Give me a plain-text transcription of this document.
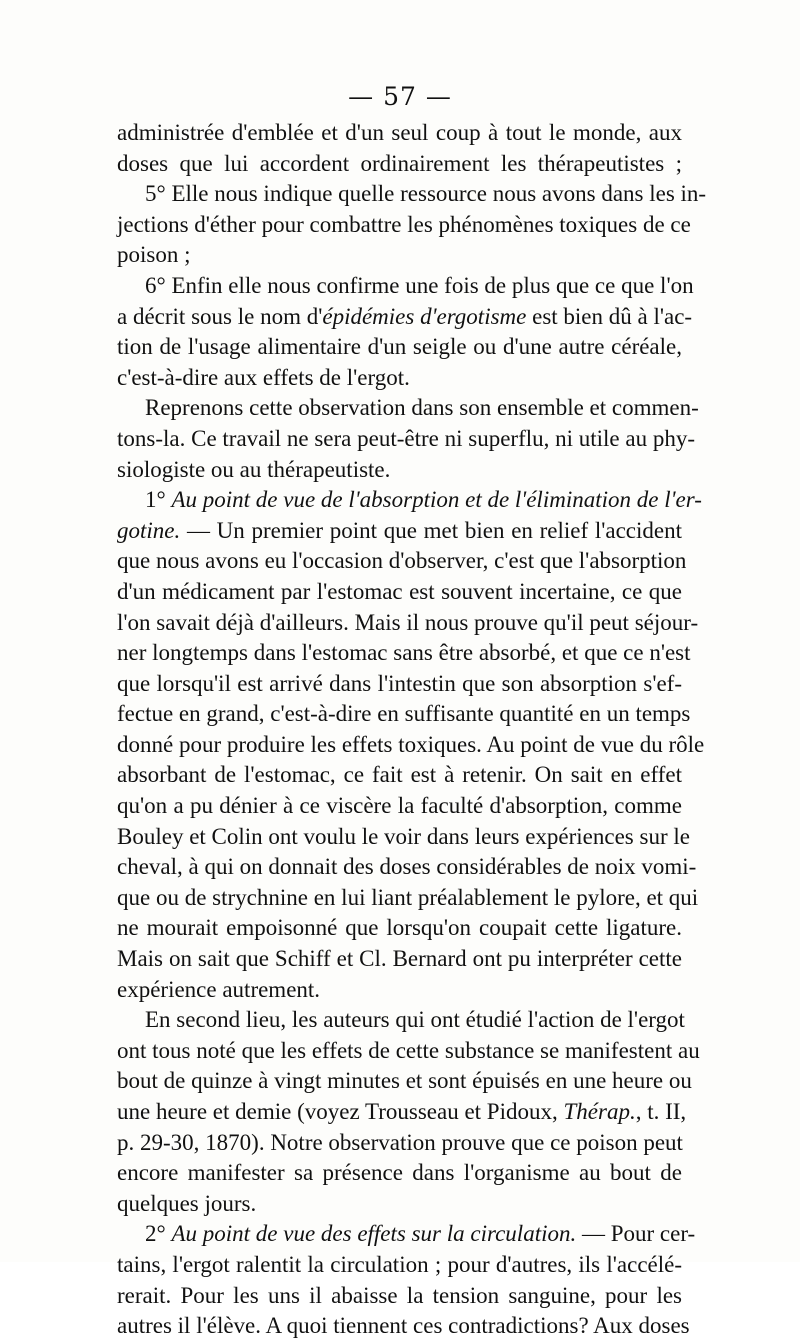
— 57 —
administrée d'emblée et d'un seul coup à tout le monde, aux
doses que lui accordent ordinairement les thérapeutistes ;
5° Elle nous indique quelle ressource nous avons dans les in-
jections d'éther pour combattre les phénomènes toxiques de ce
poison ;
6° Enfin elle nous confirme une fois de plus que ce que l'on
a décrit sous le nom d'épidémies d'ergotisme est bien dû à l'ac-
tion de l'usage alimentaire d'un seigle ou d'une autre céréale,
c'est-à-dire aux effets de l'ergot.
Reprenons cette observation dans son ensemble et commen-
tons-la. Ce travail ne sera peut-être ni superflu, ni utile au phy-
siologiste ou au thérapeutiste.
1° Au point de vue de l'absorption et de l'élimination de l'er-
gotine. — Un premier point que met bien en relief l'accident
que nous avons eu l'occasion d'observer, c'est que l'absorption
d'un médicament par l'estomac est souvent incertaine, ce que
l'on savait déjà d'ailleurs. Mais il nous prouve qu'il peut séjour-
ner longtemps dans l'estomac sans être absorbé, et que ce n'est
que lorsqu'il est arrivé dans l'intestin que son absorption s'ef-
fectue en grand, c'est-à-dire en suffisante quantité en un temps
donné pour produire les effets toxiques. Au point de vue du rôle
absorbant de l'estomac, ce fait est à retenir. On sait en effet
qu'on a pu dénier à ce viscère la faculté d'absorption, comme
Bouley et Colin ont voulu le voir dans leurs expériences sur le
cheval, à qui on donnait des doses considérables de noix vomi-
que ou de strychnine en lui liant préalablement le pylore, et qui
ne mourait empoisonné que lorsqu'on coupait cette ligature.
Mais on sait que Schiff et Cl. Bernard ont pu interpréter cette
expérience autrement.
En second lieu, les auteurs qui ont étudié l'action de l'ergot
ont tous noté que les effets de cette substance se manifestent au
bout de quinze à vingt minutes et sont épuisés en une heure ou
une heure et demie (voyez Trousseau et Pidoux, Thérap., t. II,
p. 29-30, 1870). Notre observation prouve que ce poison peut
encore manifester sa présence dans l'organisme au bout de
quelques jours.
2° Au point de vue des effets sur la circulation. — Pour cer-
tains, l'ergot ralentit la circulation ; pour d'autres, ils l'accélé-
rerait. Pour les uns il abaisse la tension sanguine, pour les
autres il l'élève. A quoi tiennent ces contradictions? Aux doses
